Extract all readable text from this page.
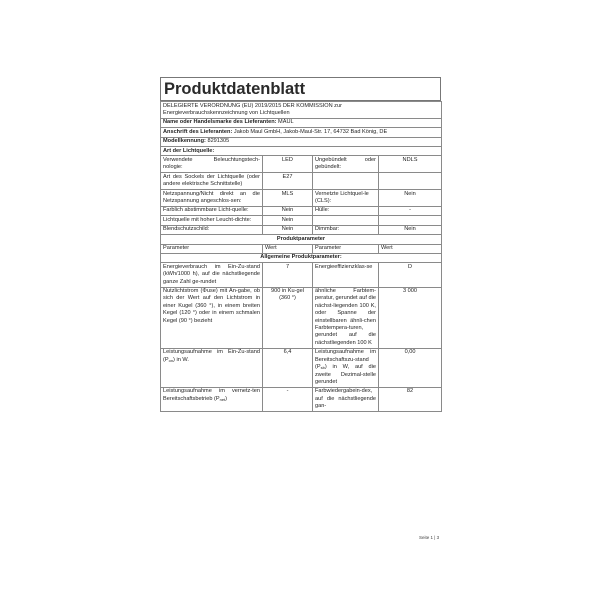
Produktdatenblatt
DELEGIERTE VERORDNUNG (EU) 2019/2015 DER KOMMISSION zur
Energieverbrauchskennzeichnung von Lichtquellen			

Name oder Handelsmarke des Lieferanten: MAUL			
Anschrift des Lieferanten: Jakob Maul GmbH, Jakob-Maul-Str. 17, 64732 Bad König, DE			
Modellkennung: 8291305			
Art der Lichtquelle:			
Verwendete Beleuchtungstech-nologie:	LED	Ungebündelt oder gebündelt:	NDLS
Art des Sockels der Lichtquelle (oder andere elektrische Schnittstelle)	E27		
Netzspannung/Nicht direkt an die Netzspannung angeschlos-sen:	MLS	Vernetzte Lichtquel-le (CLS):	Nein
Farblich abstimmbare Licht-quelle:	Nein	Hülle:	-
Lichtquelle mit hoher Leucht-dichte:	Nein		
Blendschutzschild:	Nein	Dimmbar:	Nein
Produktparameter			
Parameter	Wert	Parameter	Wert
Allgemeine Produktparameter:			
Energieverbrauch im Ein-Zu-stand (kWh/1000 h), auf die nächstliegende ganze Zahl ge-rundet	7	Energieeffizienzklas-se	D
Nutzlichtstrom (Φuse) mit An-gabe, ob sich der Wert auf den Lichtstrom in einer Kugel (360 °), in einem breiten Kegel (120 °) oder in einem schmalen Kegel (90 °) bezieht	900 in Ku-gel (360 °)	ähnliche Farbtem-peratur, gerundet auf die nächst-liegenden 100 K, oder Spanne der einstellbaren ähnli-chen Farbtempera-turen, gerundet auf die nächstliegenden 100 K	3 000
Leistungsaufnahme im Ein-Zu-stand $(P_{on})$ in W.	6,4	Leistungsaufnahme im Bereitschaftszu-stand $(P_{sb})$ in W, auf die zweite Dezimal-stelle gerundet	0,00
Leistungsaufnahme im vernetz-ten Bereitschaftsbetrieb $(P_{net})$	-	Farbwiedergabein-dex, auf die nächstliegende gan-	82
Seite 1 | 3
